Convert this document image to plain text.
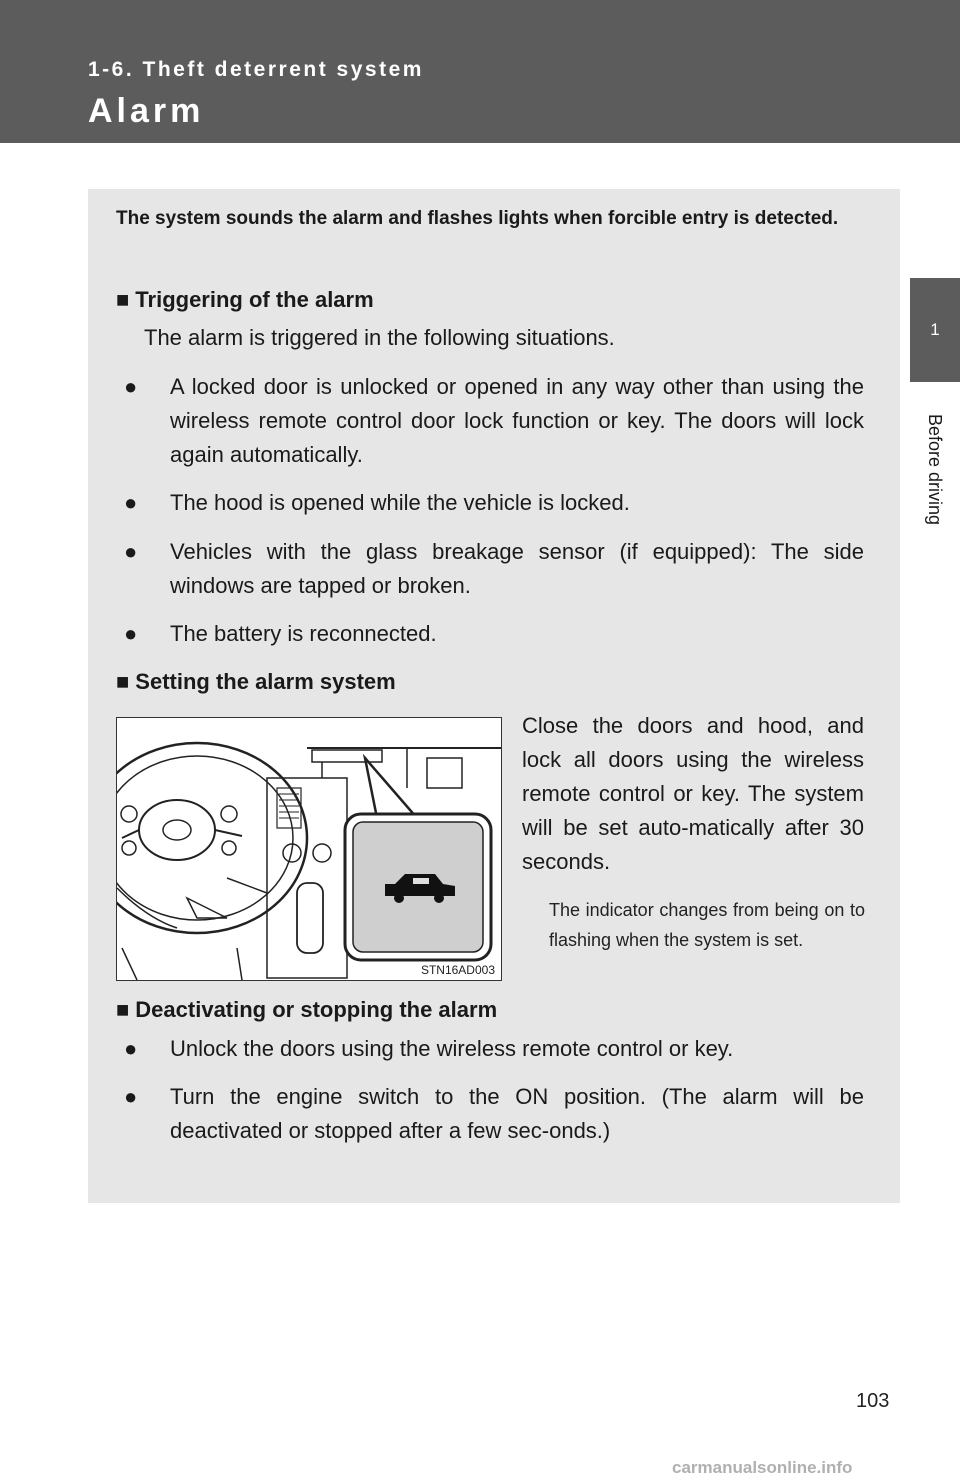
1-6. Theft deterrent system
Alarm
1
Before driving
The system sounds the alarm and flashes lights when forcible entry is detected.
■ Triggering of the alarm
The alarm is triggered in the following situations.
● A locked door is unlocked or opened in any way other than using the wireless remote control door lock function or key. The doors will lock again automatically.
● The hood is opened while the vehicle is locked.
● Vehicles with the glass breakage sensor (if equipped): The side windows are tapped or broken.
● The battery is reconnected.
■ Setting the alarm system
STN16AD003
Close the doors and hood, and lock all doors using the wireless remote control or key. The system will be set auto-matically after 30 seconds.
The indicator changes from being on to flashing when the system is set.
■ Deactivating or stopping the alarm
● Unlock the doors using the wireless remote control or key.
● Turn the engine switch to the ON position. (The alarm will be deactivated or stopped after a few sec-onds.)
103
carmanualsonline.info
